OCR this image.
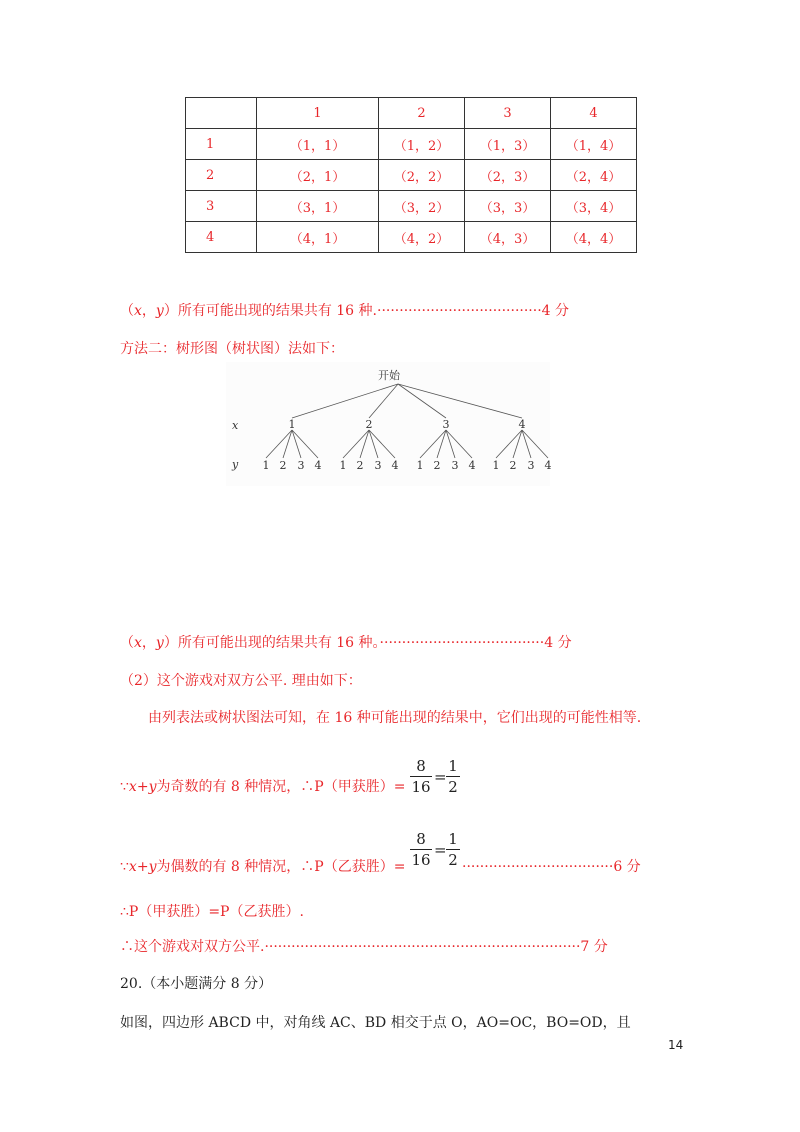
	1	2	3	4
1	（1，1）	（1，2）	（1，3）	（1，4）
2	（2，1）	（2，2）	（2，3）	（2，4）
3	（3，1）	（3，2）	（3，3）	（3，4）
4	（4，1）	（4，2）	（4，3）	（4，4）
（x，y）所有可能出现的结果共有 16 种.·····································4 分
方法二：树形图（树状图）法如下：
开始
x
y
1
1 2 3 4
2
1 2 3 4
3
1 2 3 4
4
1 2 3 4
（x，y）所有可能出现的结果共有 16 种。·····································4 分
（2）这个游戏对双方公平. 理由如下：
由列表法或树状图法可知，在 16 种可能出现的结果中，它们出现的可能性相等.
∵x+y为奇数的有 8 种情况，∴P（甲获胜）=
8
16
=
1
2
∵x+y为偶数的有 8 种情况，∴P（乙获胜）=
8
16
=
1
2 ··································6 分
∴P（甲获胜）=P（乙获胜）.
∴这个游戏对双方公平.·······································································7 分
20.（本小题满分 8 分）
如图，四边形 ABCD 中，对角线 AC、BD 相交于点 O，AO=OC，BO=OD，且
14
